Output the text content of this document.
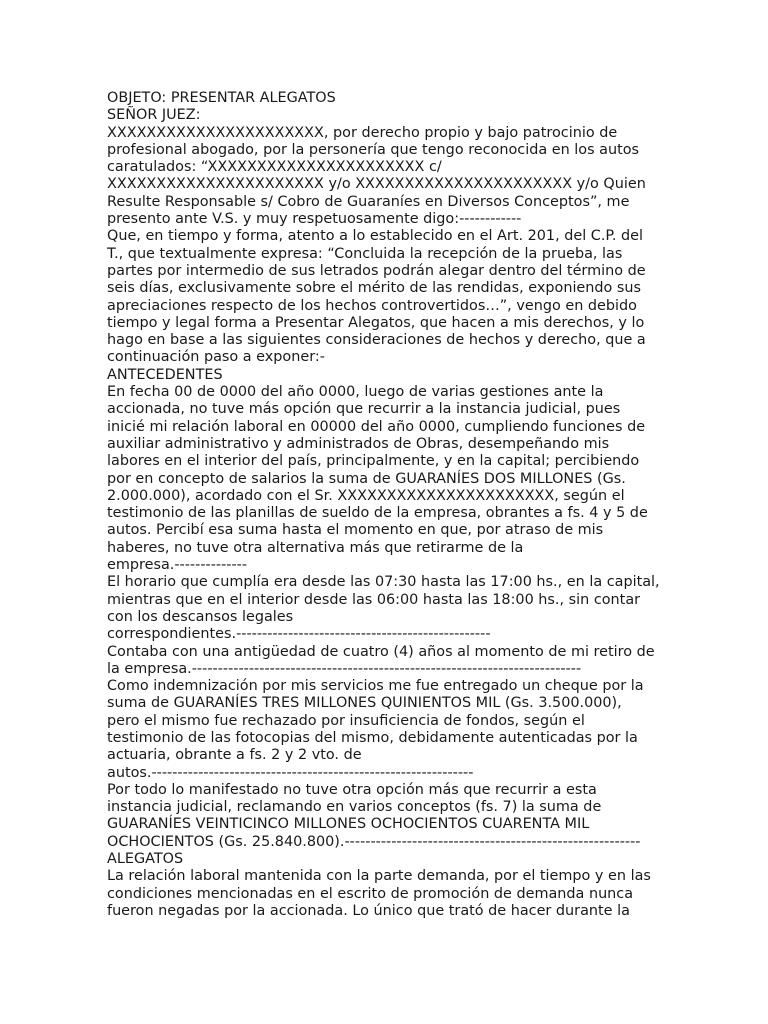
OBJETO: PRESENTAR ALEGATOS
SEÑOR JUEZ:
XXXXXXXXXXXXXXXXXXXXXX, por derecho propio y bajo patrocinio de
profesional abogado, por la personería que tengo reconocida en los autos
caratulados: “XXXXXXXXXXXXXXXXXXXXXX c/
XXXXXXXXXXXXXXXXXXXXXX y/o XXXXXXXXXXXXXXXXXXXXXX y/o Quien
Resulte Responsable s/ Cobro de Guaraníes en Diversos Conceptos”, me
presento ante V.S. y muy respetuosamente digo:------------
Que, en tiempo y forma, atento a lo establecido en el Art. 201, del C.P. del
T., que textualmente expresa: “Concluida la recepción de la prueba, las
partes por intermedio de sus letrados podrán alegar dentro del término de
seis días, exclusivamente sobre el mérito de las rendidas, exponiendo sus
apreciaciones respecto de los hechos controvertidos…”, vengo en debido
tiempo y legal forma a Presentar Alegatos, que hacen a mis derechos, y lo
hago en base a las siguientes consideraciones de hechos y derecho, que a
continuación paso a exponer:-
ANTECEDENTES
En fecha 00 de 0000 del año 0000, luego de varias gestiones ante la
accionada, no tuve más opción que recurrir a la instancia judicial, pues
inicié mi relación laboral en 00000 del año 0000, cumpliendo funciones de
auxiliar administrativo y administrados de Obras, desempeñando mis
labores en el interior del país, principalmente, y en la capital; percibiendo
por en concepto de salarios la suma de GUARANÍES DOS MILLONES (Gs.
2.000.000), acordado con el Sr. XXXXXXXXXXXXXXXXXXXXXX, según el
testimonio de las planillas de sueldo de la empresa, obrantes a fs. 4 y 5 de
autos. Percibí esa suma hasta el momento en que, por atraso de mis
haberes, no tuve otra alternativa más que retirarme de la
empresa.--------------
El horario que cumplía era desde las 07:30 hasta las 17:00 hs., en la capital,
mientras que en el interior desde las 06:00 hasta las 18:00 hs., sin contar
con los descansos legales
correspondientes.-------------------------------------------------
Contaba con una antigüedad de cuatro (4) años al momento de mi retiro de
la empresa.---------------------------------------------------------------------------
Como indemnización por mis servicios me fue entregado un cheque por la
suma de GUARANÍES TRES MILLONES QUINIENTOS MIL (Gs. 3.500.000),
pero el mismo fue rechazado por insuficiencia de fondos, según el
testimonio de las fotocopias del mismo, debidamente autenticadas por la
actuaria, obrante a fs. 2 y 2 vto. de
autos.--------------------------------------------------------------
Por todo lo manifestado no tuve otra opción más que recurrir a esta
instancia judicial, reclamando en varios conceptos (fs. 7) la suma de
GUARANÍES VEINTICINCO MILLONES OCHOCIENTOS CUARENTA MIL
OCHOCIENTOS (Gs. 25.840.800).---------------------------------------------------------
ALEGATOS
La relación laboral mantenida con la parte demanda, por el tiempo y en las
condiciones mencionadas en el escrito de promoción de demanda nunca
fueron negadas por la accionada. Lo único que trató de hacer durante la
